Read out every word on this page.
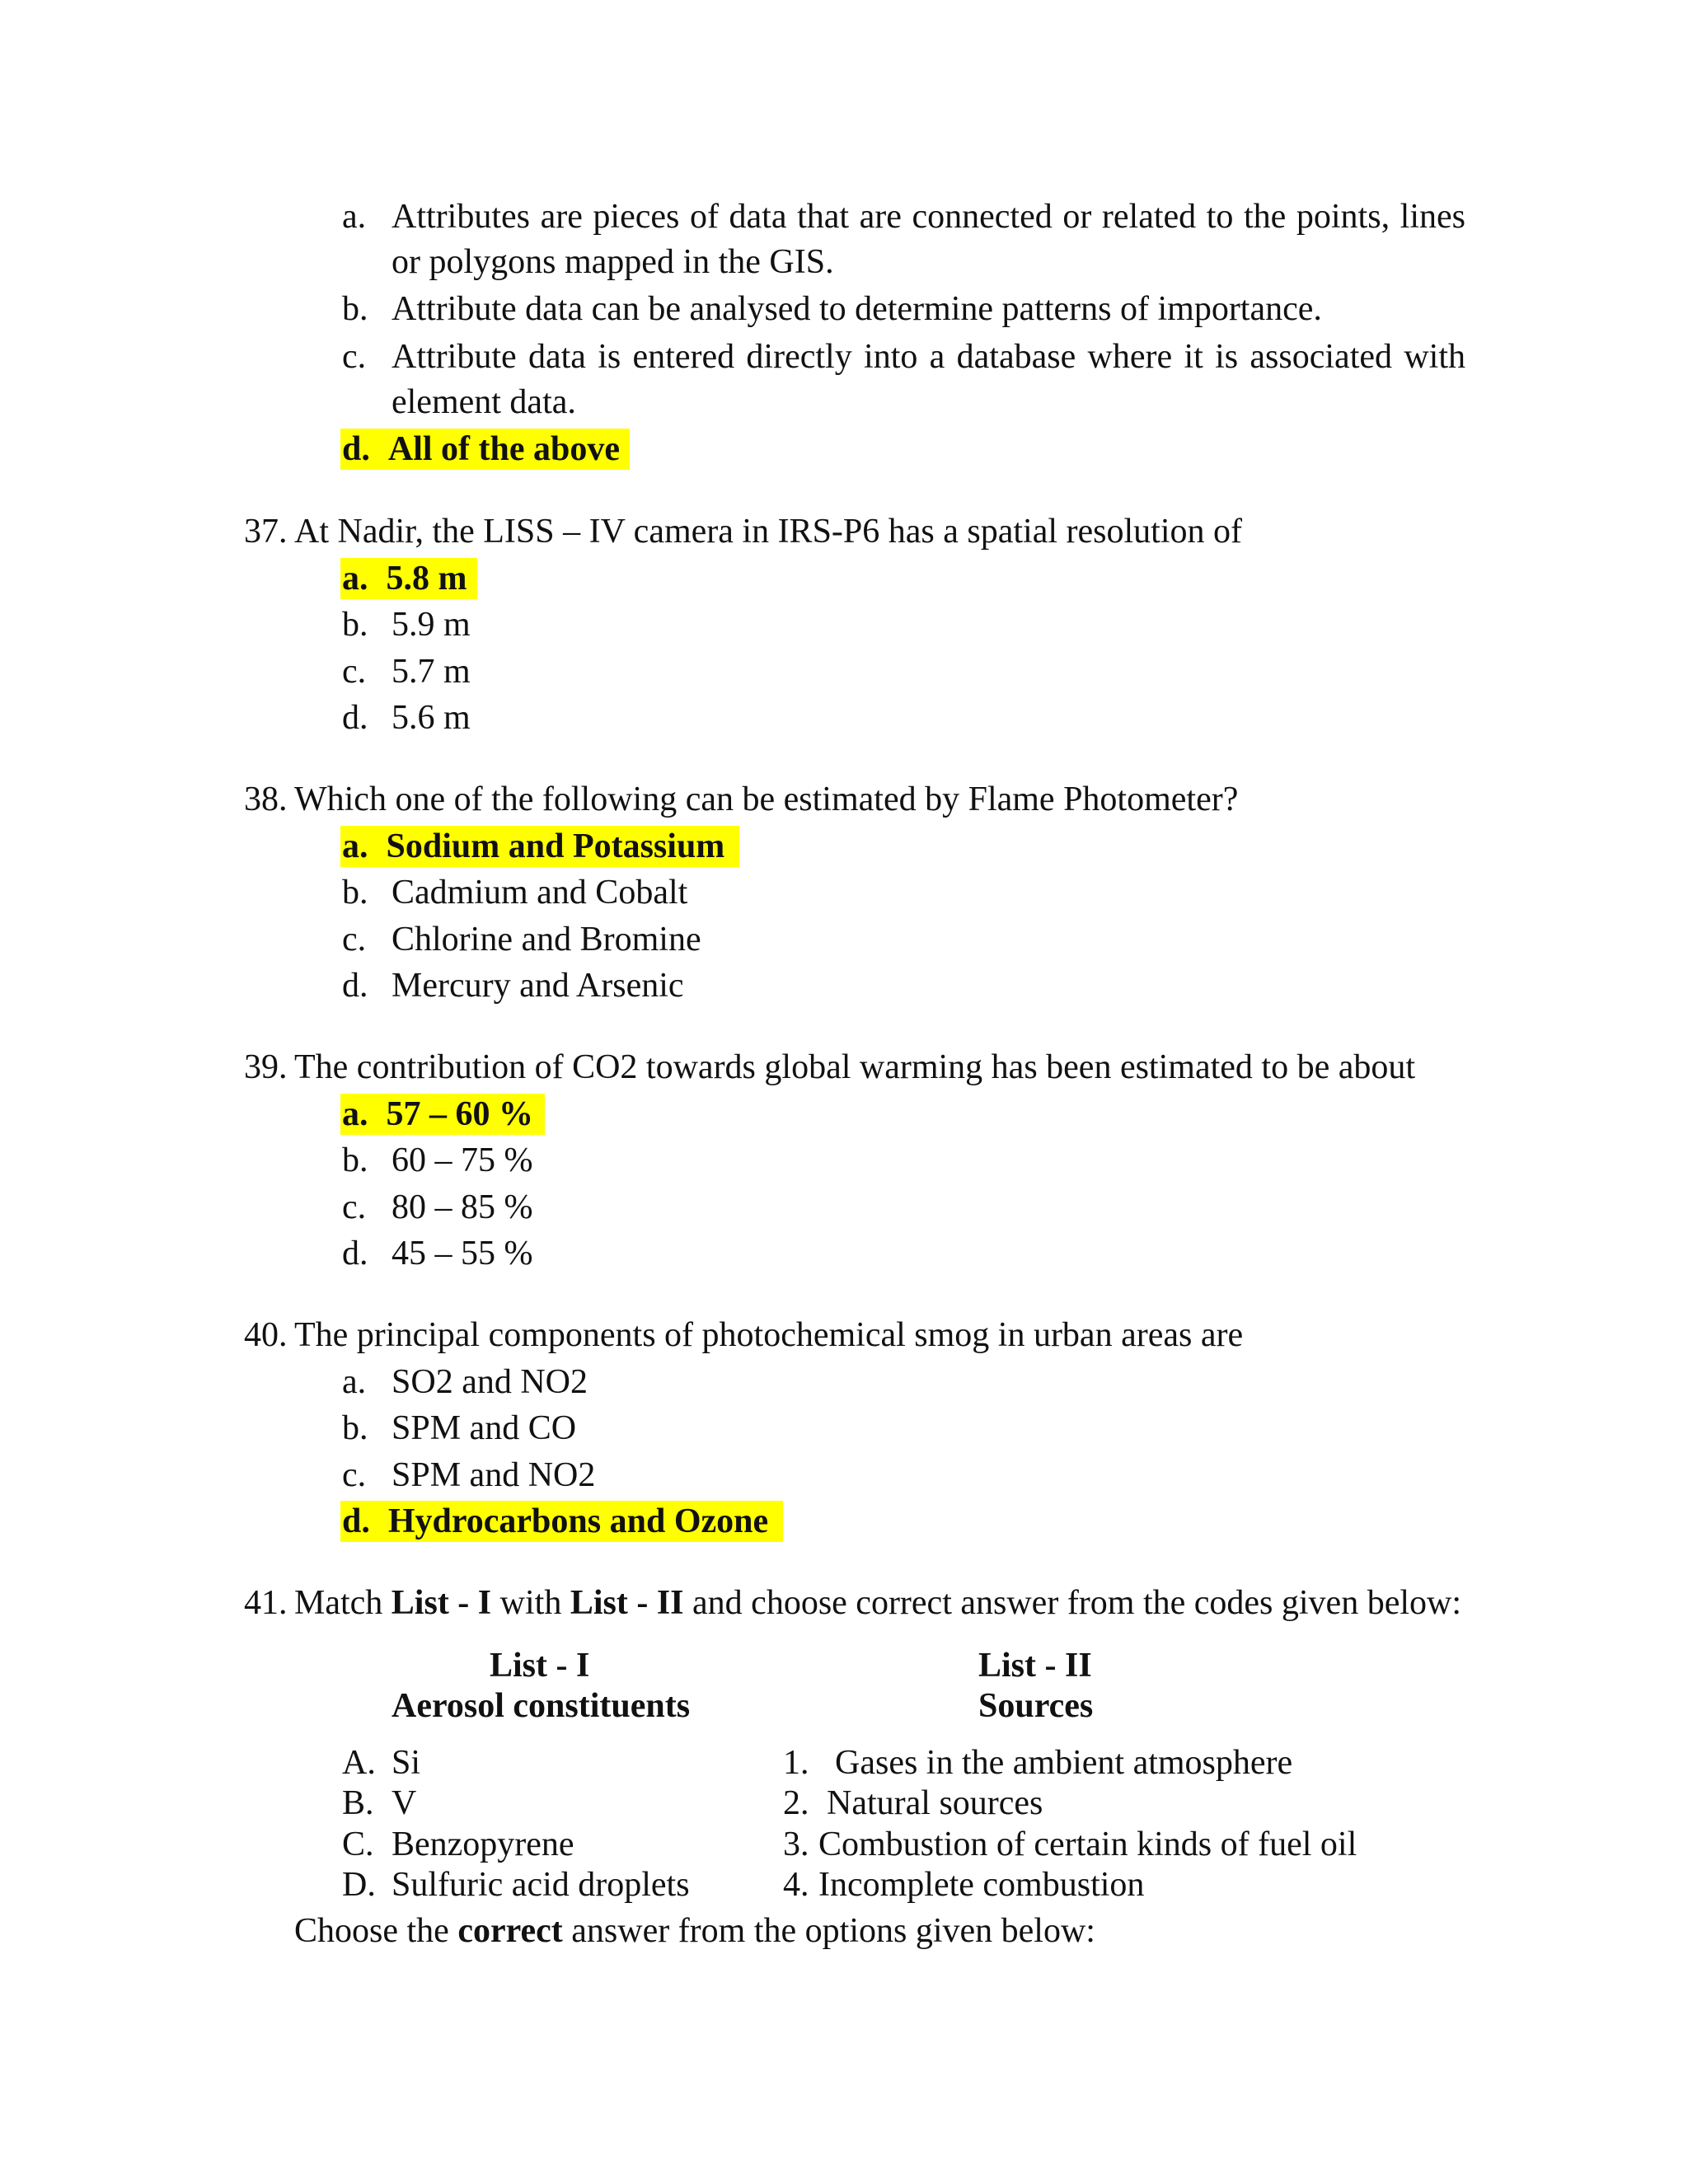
a. Attributes are pieces of data that are connected or related to the points, lines
or polygons mapped in the GIS.
b. Attribute data can be analysed to determine patterns of importance.
c. Attribute data is entered directly into a database where it is associated with
element data.
d. All of the above
37. At Nadir, the LISS – IV camera in IRS-P6 has a spatial resolution of
a. 5.8 m
b. 5.9 m
c. 5.7 m
d. 5.6 m
38. Which one of the following can be estimated by Flame Photometer?
a. Sodium and Potassium
b. Cadmium and Cobalt
c. Chlorine and Bromine
d. Mercury and Arsenic
39. The contribution of CO2 towards global warming has been estimated to be about
a. 57 – 60 %
b. 60 – 75 %
c. 80 – 85 %
d. 45 – 55 %
40. The principal components of photochemical smog in urban areas are
a. SO2 and NO2
b. SPM and CO
c. SPM and NO2
d. Hydrocarbons and Ozone
41. Match List - I with List - II and choose correct answer from the codes given below:
List - I
Aerosol constituents
List - II
Sources
A. Si
B. V
C. Benzopyrene
D. Sulfuric acid droplets
1. Gases in the ambient atmosphere
2. Natural sources
3. Combustion of certain kinds of fuel oil
4. Incomplete combustion
Choose the correct answer from the options given below:
